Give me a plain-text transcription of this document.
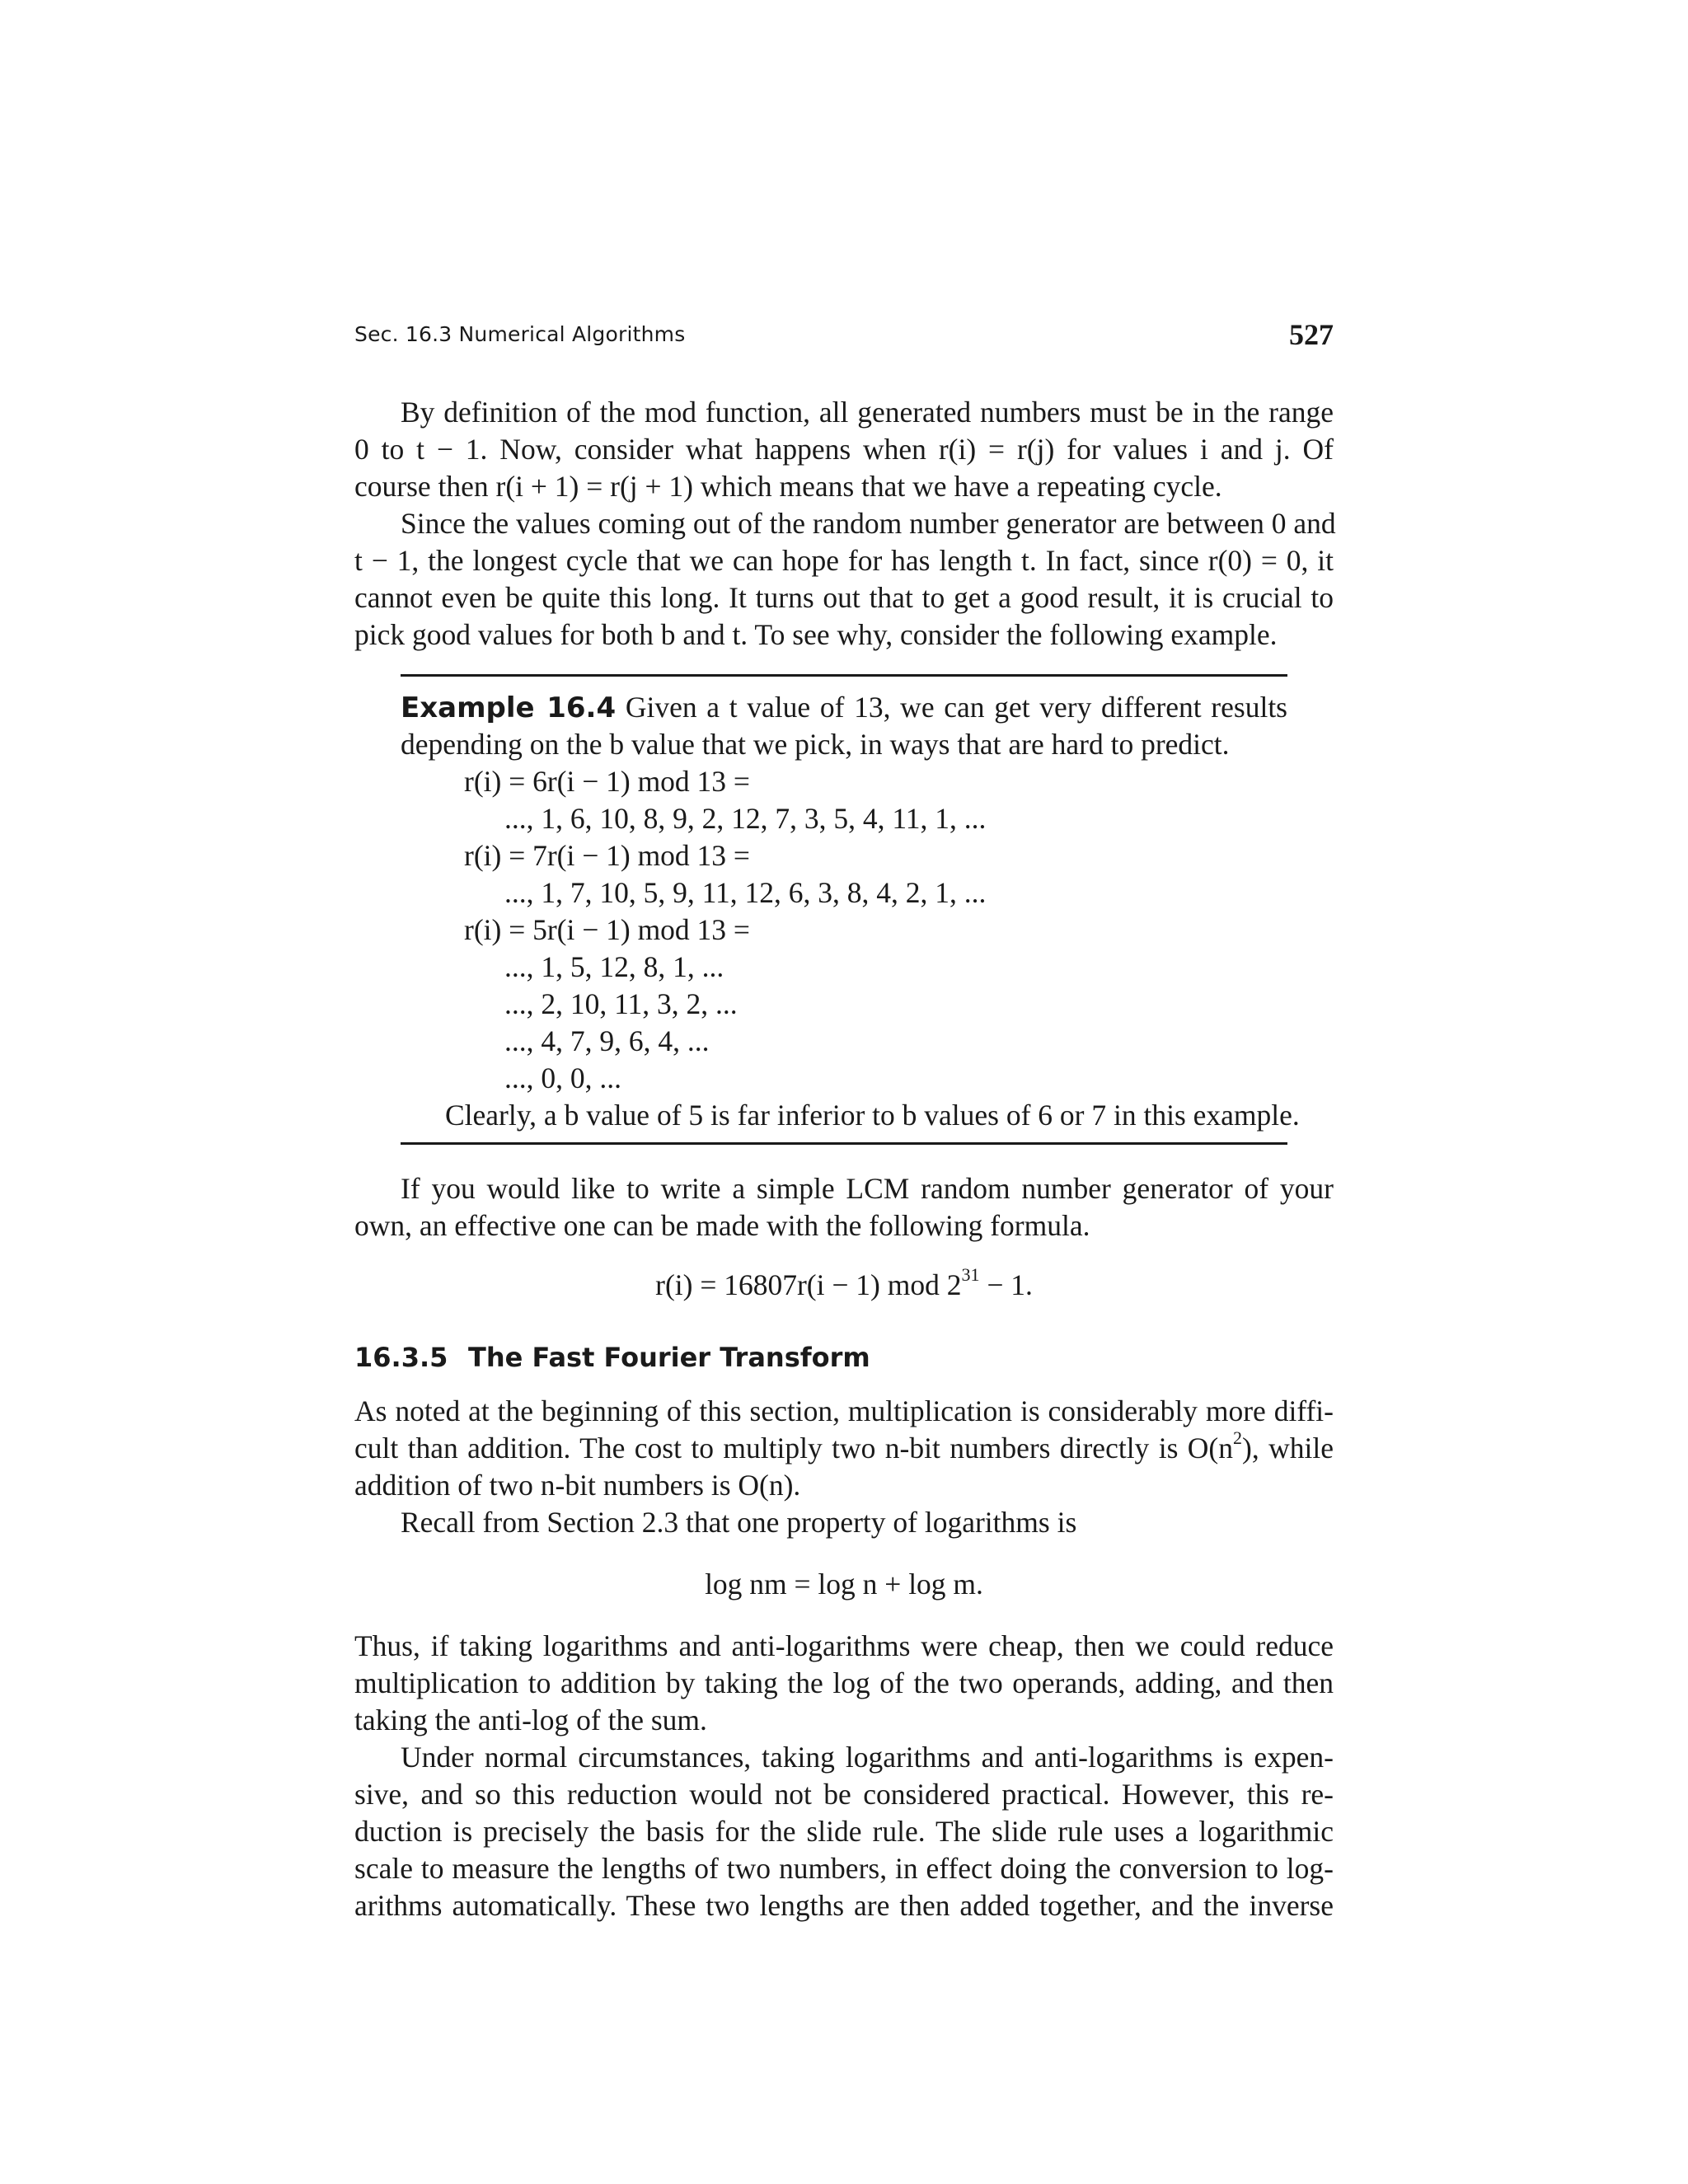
Sec. 16.3 Numerical Algorithms	527
By definition of the mod function, all generated numbers must be in the range
0 to t − 1. Now, consider what happens when r(i) = r(j) for values i and j. Of
course then r(i + 1) = r(j + 1) which means that we have a repeating cycle.
Since the values coming out of the random number generator are between 0 and
t − 1, the longest cycle that we can hope for has length t. In fact, since r(0) = 0, it
cannot even be quite this long. It turns out that to get a good result, it is crucial to
pick good values for both b and t. To see why, consider the following example.
Example 16.4 Given a t value of 13, we can get very different results
depending on the b value that we pick, in ways that are hard to predict.
r(i) = 6r(i − 1) mod 13 =
..., 1, 6, 10, 8, 9, 2, 12, 7, 3, 5, 4, 11, 1, ...
r(i) = 7r(i − 1) mod 13 =
..., 1, 7, 10, 5, 9, 11, 12, 6, 3, 8, 4, 2, 1, ...
r(i) = 5r(i − 1) mod 13 =
..., 1, 5, 12, 8, 1, ...
..., 2, 10, 11, 3, 2, ...
..., 4, 7, 9, 6, 4, ...
..., 0, 0, ...
Clearly, a b value of 5 is far inferior to b values of 6 or 7 in this example.
If you would like to write a simple LCM random number generator of your
own, an effective one can be made with the following formula.
r(i) = 16807r(i − 1) mod $2^{31} - 1$.
16.3.5 The Fast Fourier Transform
As noted at the beginning of this section, multiplication is considerably more diffi-
cult than addition. The cost to multiply two n-bit numbers directly is $O(n^2)$, while
addition of two n-bit numbers is O(n).
Recall from Section 2.3 that one property of logarithms is
log nm = log n + log m.
Thus, if taking logarithms and anti-logarithms were cheap, then we could reduce
multiplication to addition by taking the log of the two operands, adding, and then
taking the anti-log of the sum.
Under normal circumstances, taking logarithms and anti-logarithms is expen-
sive, and so this reduction would not be considered practical. However, this re-
duction is precisely the basis for the slide rule. The slide rule uses a logarithmic
scale to measure the lengths of two numbers, in effect doing the conversion to log-
arithms automatically. These two lengths are then added together, and the inverse
